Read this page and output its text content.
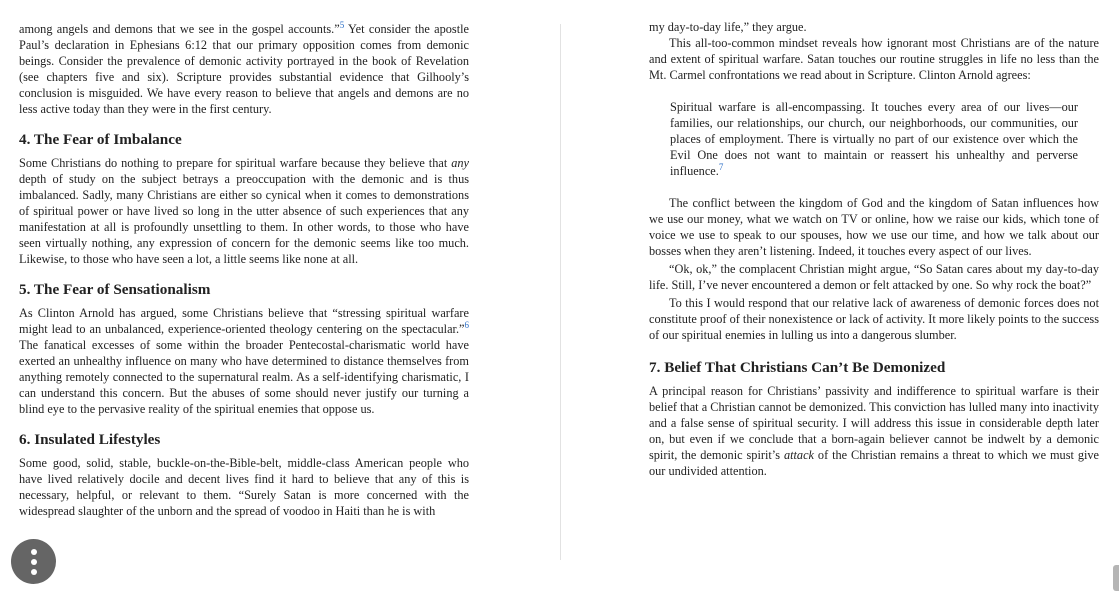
among angels and demons that we see in the gospel accounts.”$^5$ Yet consider the apostle Paul’s declaration in Ephesians 6:12 that our primary opposition comes from demonic beings. Consider the prevalence of demonic activity portrayed in the book of Revelation (see chapters five and six). Scripture provides substantial evidence that Gilhooly’s conclusion is misguided. We have every reason to believe that angels and demons are no less active today than they were in the first century.

4. The Fear of Imbalance

Some Christians do nothing to prepare for spiritual warfare because they believe that any depth of study on the subject betrays a preoccupation with the demonic and is thus imbalanced. Sadly, many Christians are either so cynical when it comes to demonstrations of spiritual power or have lived so long in the utter absence of such experiences that any manifestation at all is profoundly unsettling to them. In other words, to those who have seen virtually nothing, any expression of concern for the demonic seems like too much. Likewise, to those who have seen a lot, a little seems like none at all.

5. The Fear of Sensationalism

As Clinton Arnold has argued, some Christians believe that “stressing spiritual warfare might lead to an unbalanced, experience-oriented theology centering on the spectacular.”$^6$ The fanatical excesses of some within the broader Pentecostal-charismatic world have exerted an unhealthy influence on many who have determined to distance themselves from anything remotely connected to the supernatural realm. As a self-identifying charismatic, I can understand this concern. But the abuses of some should never justify our turning a blind eye to the pervasive reality of the spiritual enemies that oppose us.

6. Insulated Lifestyles

Some good, solid, stable, buckle-on-the-Bible-belt, middle-class American people who have lived relatively docile and decent lives find it hard to believe that any of this is necessary, helpful, or relevant to them. “Surely Satan is more concerned with the widespread slaughter of the unborn and the spread of voodoo in Haiti than he is with

my day-to-day life,” they argue.

This all-too-common mindset reveals how ignorant most Christians are of the nature and extent of spiritual warfare. Satan touches our routine struggles in life no less than the Mt. Carmel confrontations we read about in Scripture. Clinton Arnold agrees:

Spiritual warfare is all-encompassing. It touches every area of our lives—our families, our relationships, our church, our neighborhoods, our communities, our places of employment. There is virtually no part of our existence over which the Evil One does not want to maintain or reassert his unhealthy and perverse influence.$^7$

The conflict between the kingdom of God and the kingdom of Satan influences how we use our money, what we watch on TV or online, how we raise our kids, which tone of voice we use to speak to our spouses, how we use our time, and how we talk about our bosses when they aren’t listening. Indeed, it touches every aspect of our lives.

“Ok, ok,” the complacent Christian might argue, “So Satan cares about my day-to-day life. Still, I’ve never encountered a demon or felt attacked by one. So why rock the boat?”

To this I would respond that our relative lack of awareness of demonic forces does not constitute proof of their nonexistence or lack of activity. It more likely points to the success of our spiritual enemies in lulling us into a dangerous slumber.

7. Belief That Christians Can’t Be Demonized

A principal reason for Christians’ passivity and indifference to spiritual warfare is their belief that a Christian cannot be demonized. This conviction has lulled many into inactivity and a false sense of spiritual security. I will address this issue in considerable depth later on, but even if we conclude that a born-again believer cannot be indwelt by a demonic spirit, the demonic spirit’s attack of the Christian remains a threat to which we must give our undivided attention.
